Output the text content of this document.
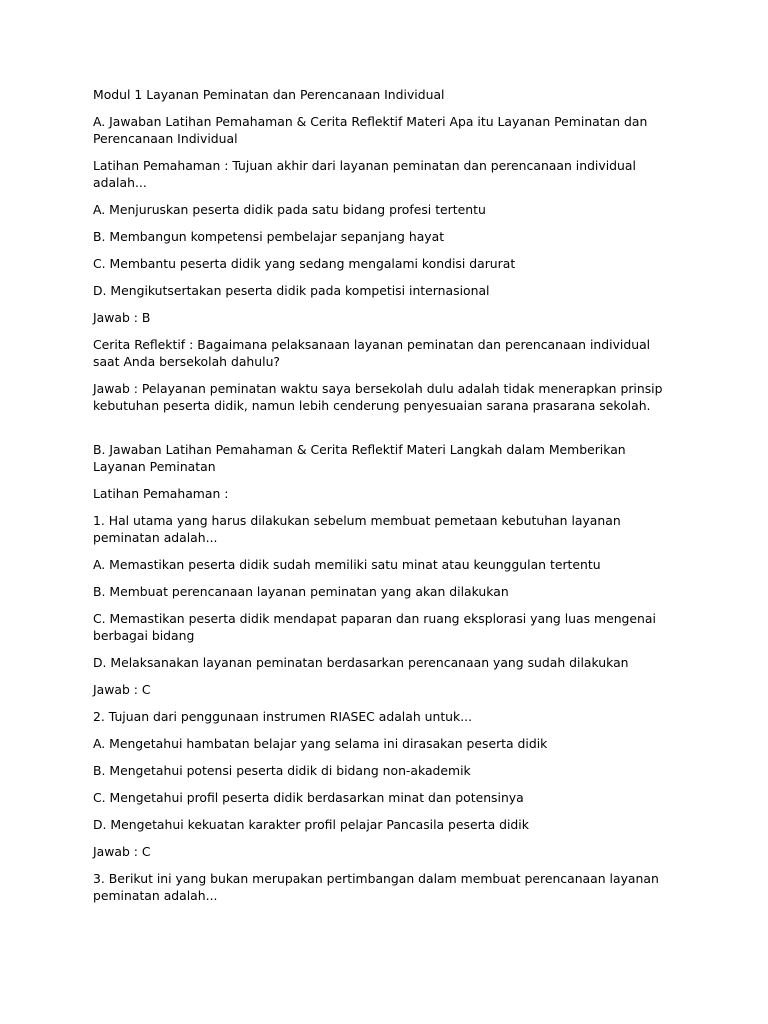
Modul 1 Layanan Peminatan dan Perencanaan Individual

A. Jawaban Latihan Pemahaman & Cerita Reflektif Materi Apa itu Layanan Peminatan dan Perencanaan Individual

Latihan Pemahaman : Tujuan akhir dari layanan peminatan dan perencanaan individual adalah...

A. Menjuruskan peserta didik pada satu bidang profesi tertentu

B. Membangun kompetensi pembelajar sepanjang hayat

C. Membantu peserta didik yang sedang mengalami kondisi darurat

D. Mengikutsertakan peserta didik pada kompetisi internasional

Jawab : B

Cerita Reflektif : Bagaimana pelaksanaan layanan peminatan dan perencanaan individual saat Anda bersekolah dahulu?

Jawab : Pelayanan peminatan waktu saya bersekolah dulu adalah tidak menerapkan prinsip kebutuhan peserta didik, namun lebih cenderung penyesuaian sarana prasarana sekolah.

B. Jawaban Latihan Pemahaman & Cerita Reflektif Materi Langkah dalam Memberikan Layanan Peminatan

Latihan Pemahaman :

1. Hal utama yang harus dilakukan sebelum membuat pemetaan kebutuhan layanan peminatan adalah...

A. Memastikan peserta didik sudah memiliki satu minat atau keunggulan tertentu

B. Membuat perencanaan layanan peminatan yang akan dilakukan

C. Memastikan peserta didik mendapat paparan dan ruang eksplorasi yang luas mengenai berbagai bidang

D. Melaksanakan layanan peminatan berdasarkan perencanaan yang sudah dilakukan

Jawab : C

2. Tujuan dari penggunaan instrumen RIASEC adalah untuk...

A. Mengetahui hambatan belajar yang selama ini dirasakan peserta didik

B. Mengetahui potensi peserta didik di bidang non-akademik

C. Mengetahui profil peserta didik berdasarkan minat dan potensinya

D. Mengetahui kekuatan karakter profil pelajar Pancasila peserta didik

Jawab : C

3. Berikut ini yang bukan merupakan pertimbangan dalam membuat perencanaan layanan peminatan adalah...
